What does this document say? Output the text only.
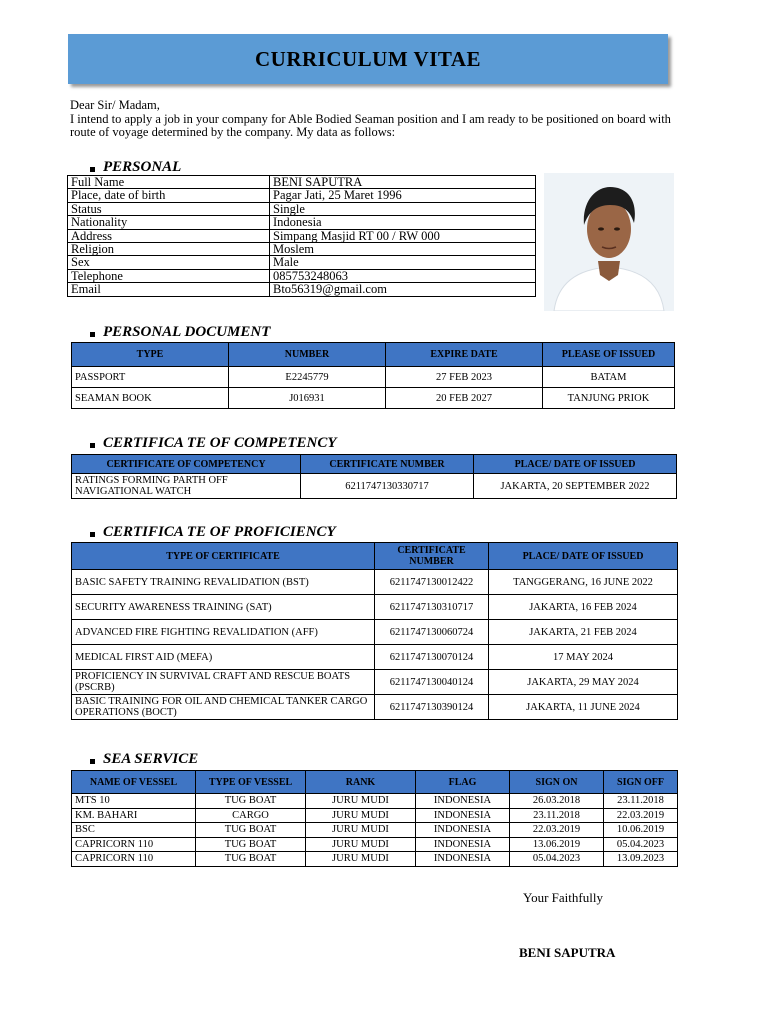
CURRICULUM VITAE
Dear Sir/ Madam,
I intend to apply a job in your company for Able Bodied Seaman position and I am ready to be positioned on board with route of voyage determined by the company. My data as follows:
PERSONAL
Full Name	BENI SAPUTRA
Place, date of birth	Pagar Jati, 25 Maret 1996
Status	Single
Nationality	Indonesia
Address	Simpang Masjid RT 00 / RW 000
Religion	Moslem
Sex	Male
Telephone	085753248063
Email	Bto56319@gmail.com
PERSONAL DOCUMENT
TYPE	NUMBER	EXPIRE DATE	PLEASE OF ISSUED
PASSPORT	E2245779	27 FEB 2023	BATAM
SEAMAN BOOK	J016931	20 FEB 2027	TANJUNG PRIOK
CERTIFICA TE OF COMPETENCY
CERTIFICATE OF COMPETENCY	CERTIFICATE NUMBER	PLACE/ DATE OF ISSUED
RATINGS FORMING PARTH OFF NAVIGATIONAL WATCH	6211747130330717	JAKARTA, 20 SEPTEMBER 2022
CERTIFICA TE OF PROFICIENCY
TYPE OF CERTIFICATE	CERTIFICATE NUMBER	PLACE/ DATE OF ISSUED
BASIC SAFETY TRAINING REVALIDATION (BST)	6211747130012422	TANGGERANG, 16 JUNE 2022
SECURITY AWARENESS TRAINING (SAT)	6211747130310717	JAKARTA, 16 FEB 2024
ADVANCED FIRE FIGHTING REVALIDATION (AFF)	6211747130060724	JAKARTA, 21 FEB 2024
MEDICAL FIRST AID (MEFA)	6211747130070124	17 MAY 2024
PROFICIENCY IN SURVIVAL CRAFT AND RESCUE BOATS (PSCRB)	6211747130040124	JAKARTA, 29 MAY 2024
BASIC TRAINING FOR OIL AND CHEMICAL TANKER CARGO OPERATIONS (BOCT)	6211747130390124	JAKARTA, 11 JUNE 2024
SEA SERVICE
NAME OF VESSEL	TYPE OF VESSEL	RANK	FLAG	SIGN ON	SIGN OFF
MTS 10	TUG BOAT	JURU MUDI	INDONESIA	26.03.2018	23.11.2018
KM. BAHARI	CARGO	JURU MUDI	INDONESIA	23.11.2018	22.03.2019
BSC	TUG BOAT	JURU MUDI	INDONESIA	22.03.2019	10.06.2019
CAPRICORN 110	TUG BOAT	JURU MUDI	INDONESIA	13.06.2019	05.04.2023
CAPRICORN 110	TUG BOAT	JURU MUDI	INDONESIA	05.04.2023	13.09.2023
Your Faithfully
BENI SAPUTRA
